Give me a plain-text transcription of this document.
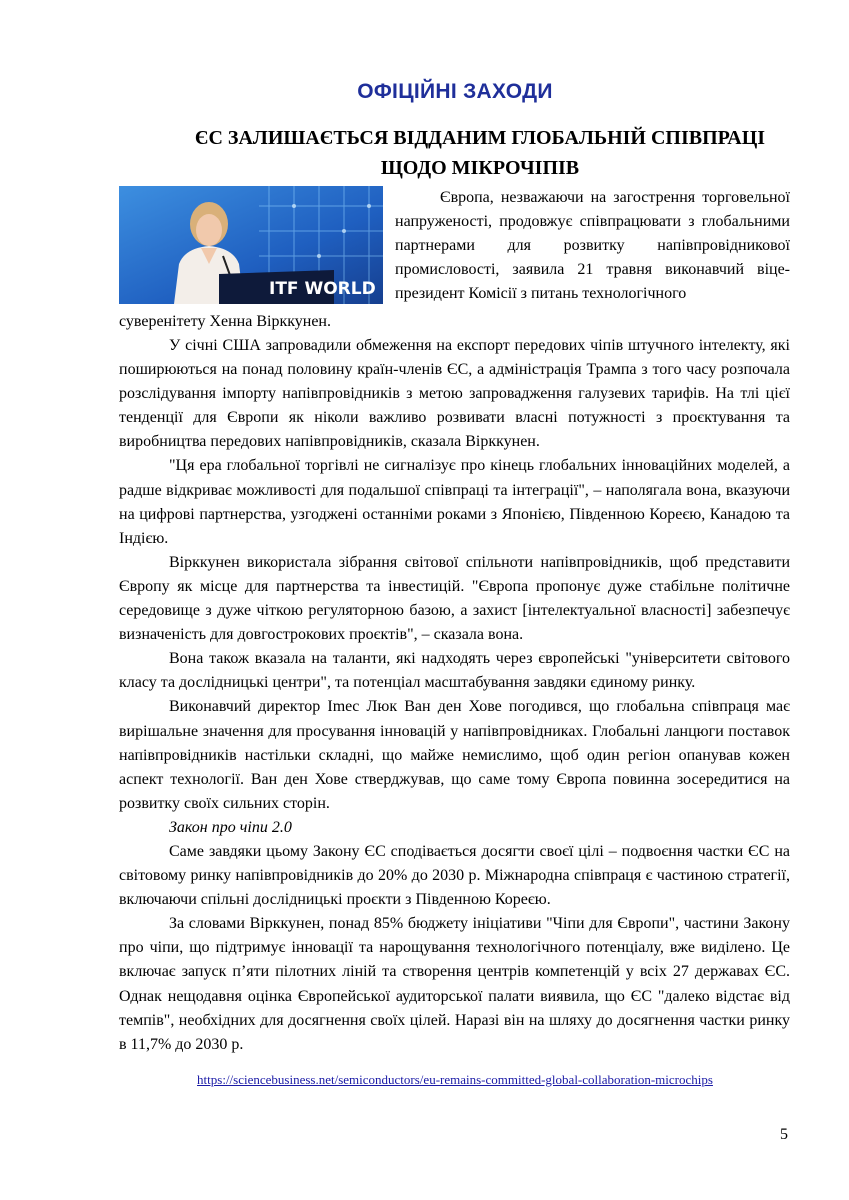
ОФІЦІЙНІ ЗАХОДИ
ЄС ЗАЛИШАЄТЬСЯ ВІДДАНИМ ГЛОБАЛЬНІЙ СПІВПРАЦІ
ЩОДО МІКРОЧІПІВ
ITF WORLD

Європа, незважаючи на загострення торговельної напруженості, продовжує співпрацювати з глобальними партнерами для розвитку напівпровідникової промисловості, заявила 21 травня виконавчий віце-президент Комісії з питань технологічного

суверенітету Хенна Вірккунен.

У січні США запровадили обмеження на експорт передових чіпів штучного інтелекту, які поширюються на понад половину країн-членів ЄС, а адміністрація Трампа з того часу розпочала розслідування імпорту напівпровідників з метою запровадження галузевих тарифів. На тлі цієї тенденції для Європи як ніколи важливо розвивати власні потужності з проєктування та виробництва передових напівпровідників, сказала Вірккунен.

"Ця ера глобальної торгівлі не сигналізує про кінець глобальних інноваційних моделей, а радше відкриває можливості для подальшої співпраці та інтеграції", – наполягала вона, вказуючи на цифрові партнерства, узгоджені останніми роками з Японією, Південною Кореєю, Канадою та Індією.

Вірккунен використала зібрання світової спільноти напівпровідників, щоб представити Європу як місце для партнерства та інвестицій. "Європа пропонує дуже стабільне політичне середовище з дуже чіткою регуляторною базою, а захист [інтелектуальної власності] забезпечує визначеність для довгострокових проєктів", – сказала вона.

Вона також вказала на таланти, які надходять через європейські "університети світового класу та дослідницькі центри", та потенціал масштабування завдяки єдиному ринку.

Виконавчий директор Imec Люк Ван ден Хове погодився, що глобальна співпраця має вирішальне значення для просування інновацій у напівпровідниках. Глобальні ланцюги поставок напівпровідників настільки складні, що майже немислимо, щоб один регіон опанував кожен аспект технології. Ван ден Хове стверджував, що саме тому Європа повинна зосередитися на розвитку своїх сильних сторін.

Закон про чіпи 2.0

Саме завдяки цьому Закону ЄС сподівається досягти своєї цілі – подвоєння частки ЄС на світовому ринку напівпровідників до 20% до 2030 р. Міжнародна співпраця є частиною стратегії, включаючи спільні дослідницькі проєкти з Південною Кореєю.

За словами Вірккунен, понад 85% бюджету ініціативи "Чіпи для Європи", частини Закону про чіпи, що підтримує інновації та нарощування технологічного потенціалу, вже виділено. Це включає запуск п’яти пілотних ліній та створення центрів компетенцій у всіх 27 державах ЄС. Однак нещодавня оцінка Європейської аудиторської палати виявила, що ЄС "далеко відстає від темпів", необхідних для досягнення своїх цілей. Наразі він на шляху до досягнення частки ринку в 11,7% до 2030 р.

https://sciencebusiness.net/semiconductors/eu-remains-committed-global-collaboration-microchips
5
